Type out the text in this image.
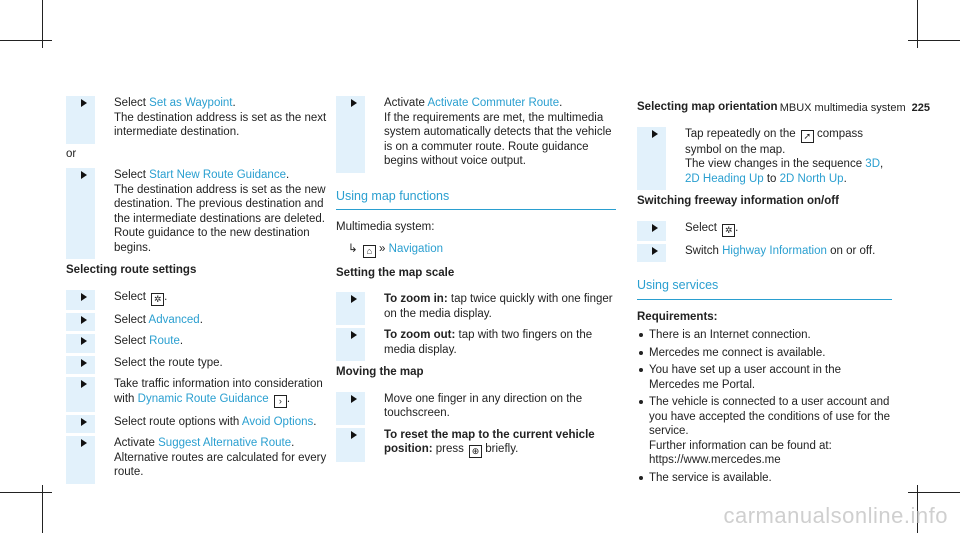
MBUX multimedia system 225
Select Set as Waypoint.
The destination address is set as the next intermediate destination.
or
Select Start New Route Guidance.
The destination address is set as the new destination. The previous destination and the intermediate destinations are deleted. Route guidance to the new destination begins.
Selecting route settings
Select ✲ .
Select Advanced.
Select Route.
Select the route type.
Take traffic information into consideration with Dynamic Route Guidance › .
Select route options with Avoid Options.
Activate Suggest Alternative Route.
Alternative routes are calculated for every route.
Activate Activate Commuter Route.
If the requirements are met, the multimedia system automatically detects that the vehicle is on a commuter route. Route guidance begins without voice output.
Using map functions
Multimedia system:
↳ ⌂ » Navigation
Setting the map scale
To zoom in: tap twice quickly with one finger on the media display.
To zoom out: tap with two fingers on the media display.
Moving the map
Move one finger in any direction on the touchscreen.
To reset the map to the current vehicle position: press ⊕ briefly.
Selecting map orientation
Tap repeatedly on the ➚ compass symbol on the map.
The view changes in the sequence 3D, 2D Heading Up to 2D North Up.
Switching freeway information on/off
Select ✲ .
Switch Highway Information on or off.
Using services
Requirements:
There is an Internet connection.
Mercedes me connect is available.
You have set up a user account in the Mercedes me Portal.
The vehicle is connected to a user account and you have accepted the conditions of use for the service.
Further information can be found at:
https://www.mercedes.me
The service is available.
carmanualsonline.info
